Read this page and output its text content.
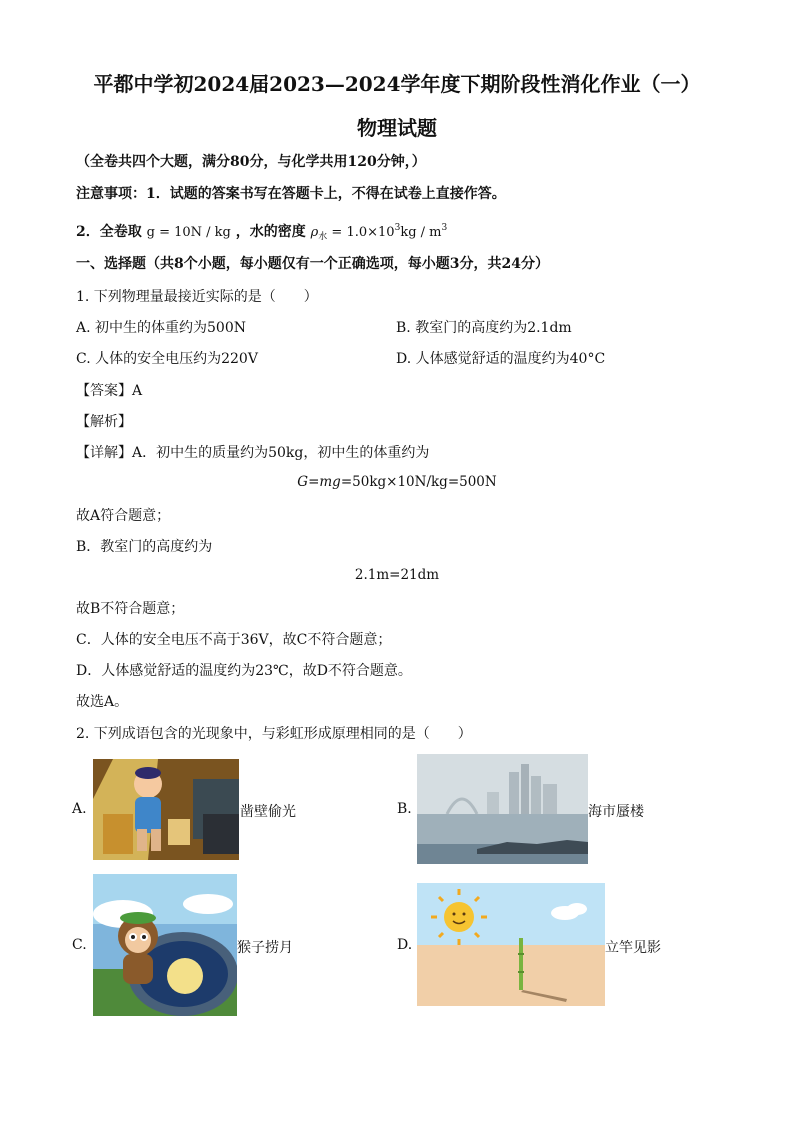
平都中学初2024届2023—2024学年度下期阶段性消化作业（一）
物理试题
（全卷共四个大题，满分80分，与化学共用120分钟，）
注意事项：1．试题的答案书写在答题卡上，不得在试卷上直接作答。
2．全卷取 g = 10N / kg ，水的密度 $\rho_水 = 1.0\times 10^3kg / m^3$
一、选择题（共8个小题，每小题仅有一个正确选项，每小题3分，共24分）
1. 下列物理量最接近实际的是（　　）
A. 初中生的体重约为500N	B. 教室门的高度约为2.1dm
C. 人体的安全电压约为220V	D. 人体感觉舒适的温度约为40°C
【答案】A
【解析】
【详解】A．初中生的质量约为50kg，初中生的体重约为
G=mg=50kg×10N/kg=500N
故A符合题意；
B．教室门的高度约为
2.1m=21dm
故B不符合题意；
C．人体的安全电压不高于36V，故C不符合题意；
D．人体感觉舒适的温度约为23℃，故D不符合题意。
故选A。
2. 下列成语包含的光现象中，与彩虹形成原理相同的是（　　）
A.	凿壁偷光	B.	海市蜃楼
C.	猴子捞月	D.	立竿见影
